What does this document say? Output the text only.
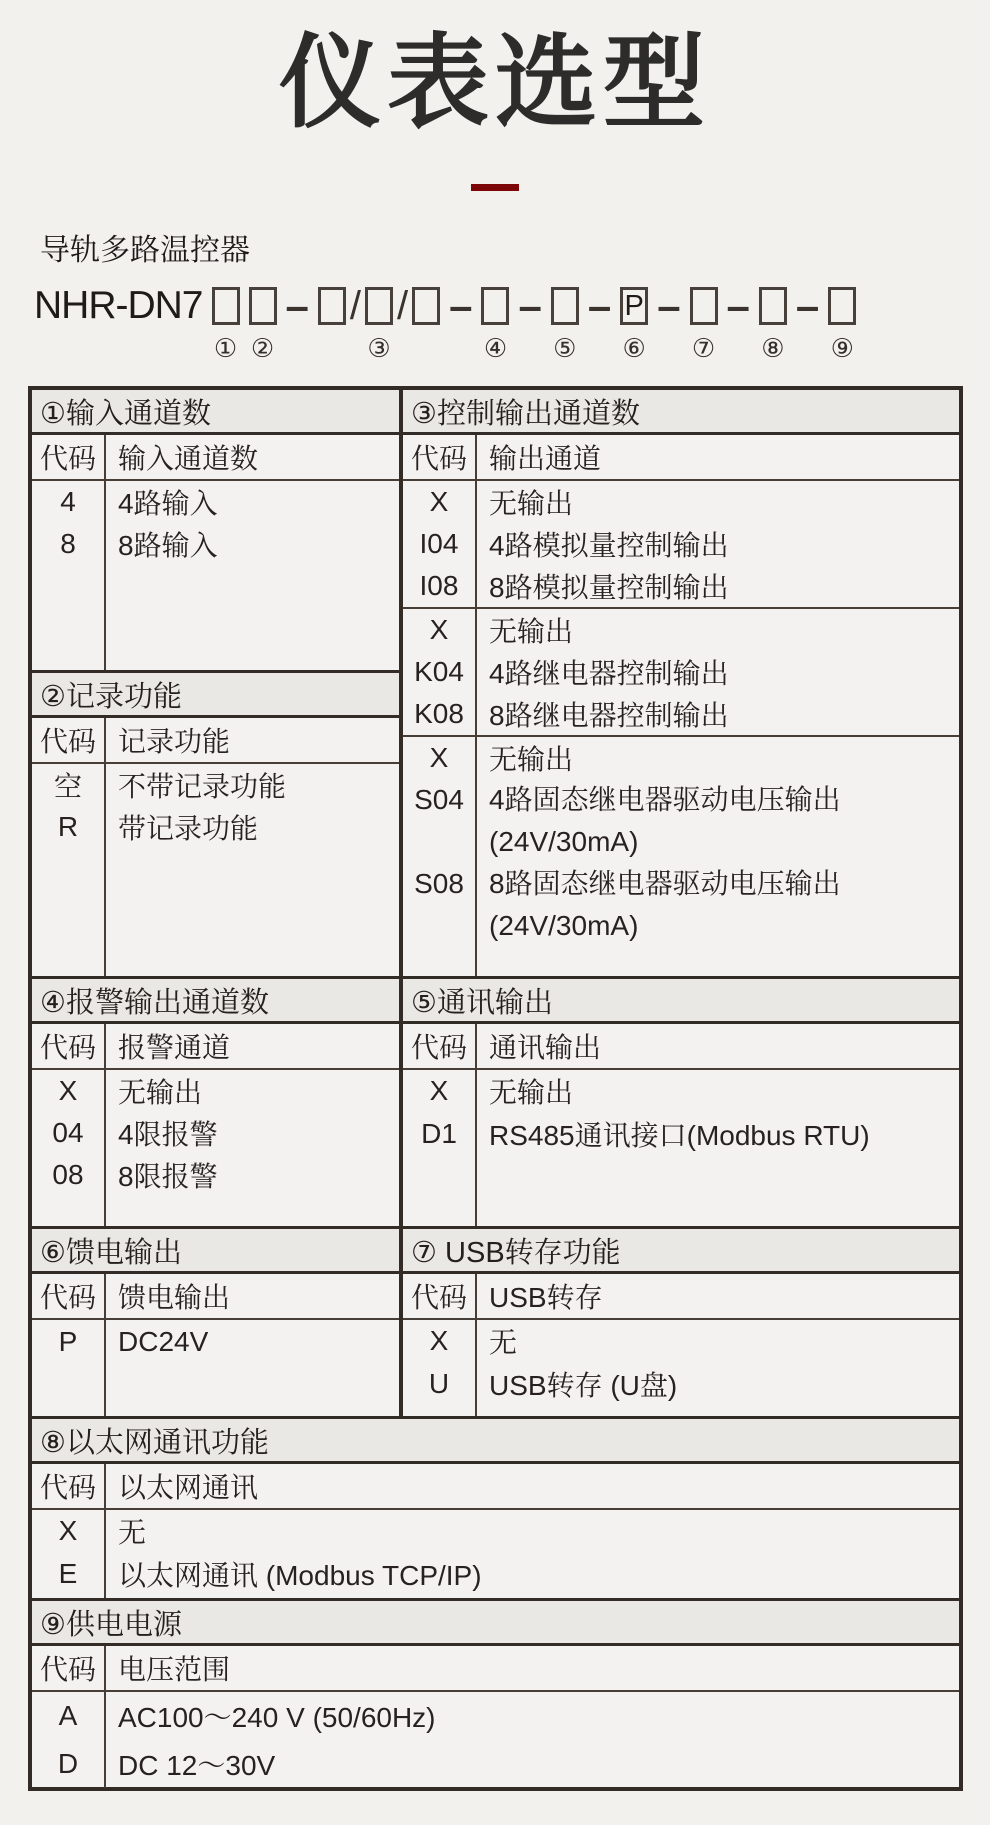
仪表选型
导轨多路温控器
NHR-DN7
① ②
– / /
③
–
④
–
⑤
– P
⑥
–
⑦
–
⑧
–
⑨
①输入通道数
代码 输入通道数
4	4路输入
8	8路输入
②记录功能
代码 记录功能
空	不带记录功能
R	带记录功能
③控制输出通道数
代码 输出通道
X	无输出
I04	4路模拟量控制输出
I08	8路模拟量控制输出
X	无输出
K04 4路继电器控制输出
K08 8路继电器控制输出
X	无输出
S04 4路固态继电器驱动电压输出
(24V/30mA)
S08 8路固态继电器驱动电压输出
(24V/30mA)
④报警输出通道数
代码 报警通道
X	无输出
04	4限报警
08	8限报警
⑤通讯输出
代码 通讯输出
X	无输出
D1	RS485通讯接口(Modbus RTU)
⑥馈电输出
代码 馈电输出
P	DC24V
⑦ USB转存功能
代码 USB转存
X	无
U	USB转存 (U盘)
⑧以太网通讯功能
代码 以太网通讯
X	无
E	以太网通讯 (Modbus TCP/IP)
⑨供电电源
代码 电压范围
A	AC100～240 V (50/60Hz)
D	DC 12～30V
